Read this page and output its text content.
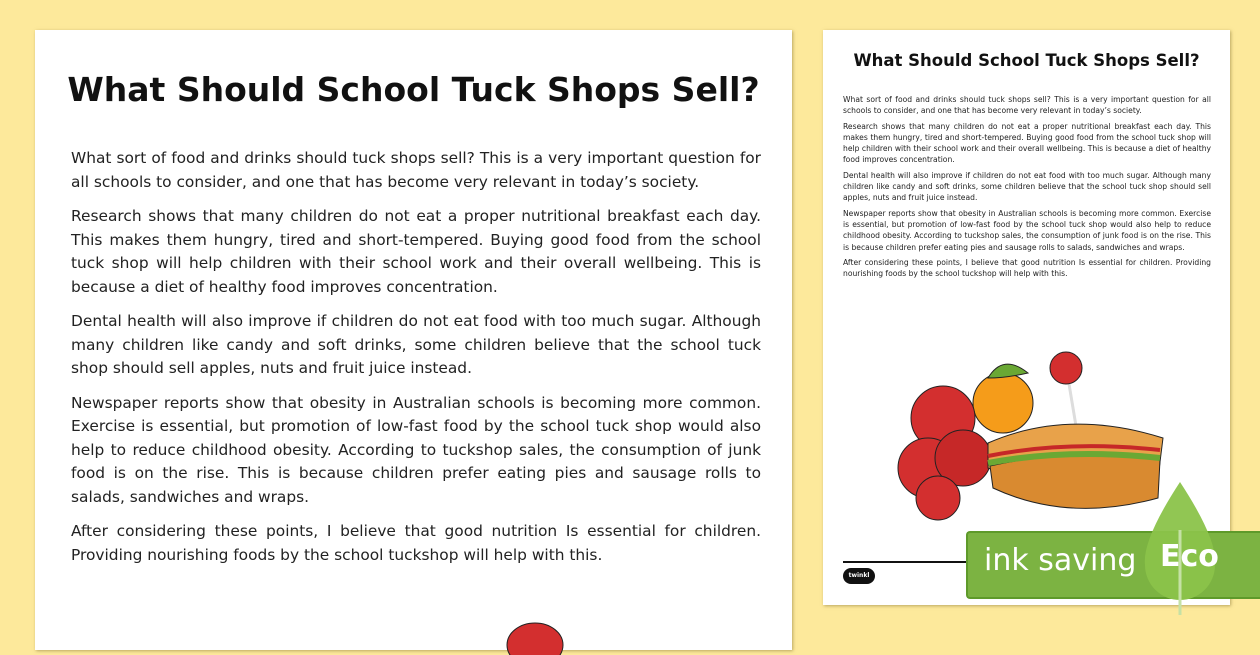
What Should School Tuck Shops Sell?

What sort of food and drinks should tuck shops sell? This is a very important question for all schools to consider, and one that has become very relevant in today’s society.

Research shows that many children do not eat a proper nutritional breakfast each day. This makes them hungry, tired and short-tempered. Buying good food from the school tuck shop will help children with their school work and their overall wellbeing. This is because a diet of healthy food improves concentration.

Dental health will also improve if children do not eat food with too much sugar. Although many children like candy and soft drinks, some children believe that the school tuck shop should sell apples, nuts and fruit juice instead.

Newspaper reports show that obesity in Australian schools is becoming more common. Exercise is essential, but promotion of low-fast food by the school tuck shop would also help to reduce childhood obesity. According to tuckshop sales, the consumption of junk food is on the rise. This is because children prefer eating pies and sausage rolls to salads, sandwiches and wraps.

After considering these points, I believe that good nutrition Is essential for children. Providing nourishing foods by the school tuckshop will help with this.

What Should School Tuck Shops Sell?

What sort of food and drinks should tuck shops sell? This is a very important question for all schools to consider, and one that has become very relevant in today’s society.

Research shows that many children do not eat a proper nutritional breakfast each day. This makes them hungry, tired and short-tempered. Buying good food from the school tuck shop will help children with their school work and their overall wellbeing. This is because a diet of healthy food improves concentration.

Dental health will also improve if children do not eat food with too much sugar. Although many children like candy and soft drinks, some children believe that the school tuck shop should sell apples, nuts and fruit juice instead.

Newspaper reports show that obesity in Australian schools is becoming more common. Exercise is essential, but promotion of low-fast food by the school tuck shop would also help to reduce childhood obesity. According to tuckshop sales, the consumption of junk food is on the rise. This is because children prefer eating pies and sausage rolls to salads, sandwiches and wraps.

After considering these points, I believe that good nutrition Is essential for children. Providing nourishing foods by the school tuckshop will help with this.

twinkl	ink saving Eco
